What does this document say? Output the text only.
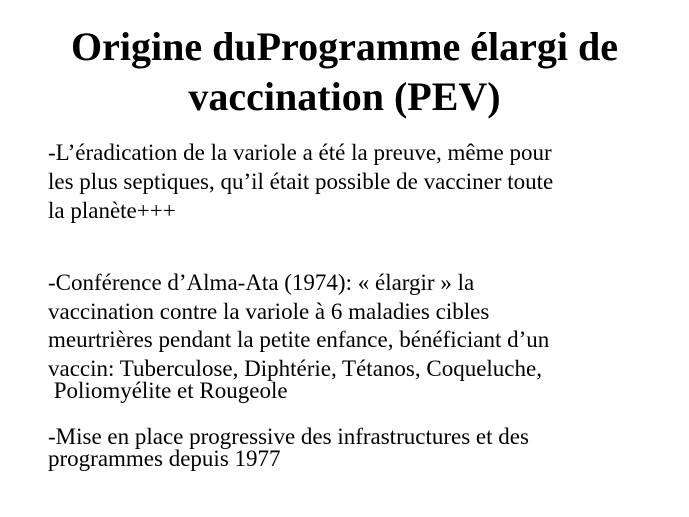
Origine duProgramme élargi de
vaccination (PEV)
-L’éradication de la variole a été la preuve, même pour
les plus septiques, qu’il était possible de vacciner toute
la planète+++
-Conférence d’Alma-Ata (1974): « élargir » la
vaccination contre la variole à 6 maladies cibles
meurtrières pendant la petite enfance, bénéficiant d’un
vaccin: Tuberculose, Diphtérie, Tétanos, Coqueluche,
Poliomyélite et Rougeole
-Mise en place progressive des infrastructures et des
programmes depuis 1977
